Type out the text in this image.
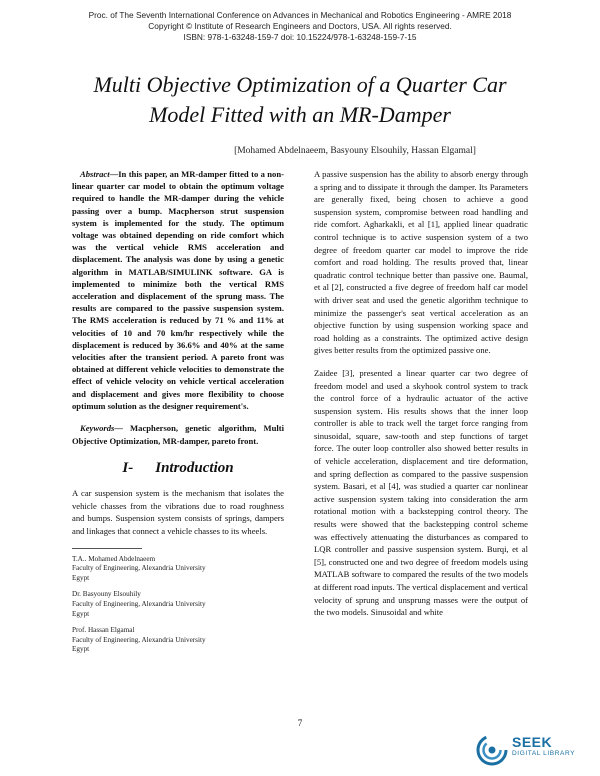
Proc. of The Seventh International Conference on Advances in Mechanical and Robotics Engineering - AMRE 2018
Copyright © Institute of Research Engineers and Doctors, USA. All rights reserved.
ISBN: 978-1-63248-159-7 doi: 10.15224/978-1-63248-159-7-15
Multi Objective Optimization of a Quarter Car
Model Fitted with an MR-Damper
[Mohamed Abdelnaeem, Basyouny Elsouhily, Hassan Elgamal]

Abstract—In this paper, an MR-damper fitted to a non-linear quarter car model to obtain the optimum voltage required to handle the MR-damper during the vehicle passing over a bump. Macpherson strut suspension system is implemented for the study. The optimum voltage was obtained depending on ride comfort which was the vertical vehicle RMS acceleration and displacement. The analysis was done by using a genetic algorithm in MATLAB/SIMULINK software. GA is implemented to minimize both the vertical RMS acceleration and displacement of the sprung mass. The results are compared to the passive suspension system. The RMS acceleration is reduced by 71 % and 11% at velocities of 10 and 70 km/hr respectively while the displacement is reduced by 36.6% and 40% at the same velocities after the transient period. A pareto front was obtained at different vehicle velocities to demonstrate the effect of vehicle velocity on vehicle vertical acceleration and displacement and gives more flexibility to choose optimum solution as the designer requirement's.

Keywords— Macpherson, genetic algorithm, Multi Objective Optimization, MR-damper, pareto front.

I- Introduction

A car suspension system is the mechanism that isolates the vehicle chasses from the vibrations due to road roughness and bumps. Suspension system consists of springs, dampers and linkages that connect a vehicle chasses to its wheels.

T.A.. Mohamed Abdelnaeem
Faculty of Engineering, Alexandria University
Egypt
Dr. Basyouny Elsouhily
Faculty of Engineering, Alexandria University
Egypt
Prof. Hassan Elgamal
Faculty of Engineering, Alexandria University
Egypt

A passive suspension has the ability to absorb energy through a spring and to dissipate it through the damper. Its Parameters are generally fixed, being chosen to achieve a good suspension system, compromise between road handling and ride comfort. Agharkakli, et al [1], applied linear quadratic control technique is to active suspension system of a two degree of freedom quarter car model to improve the ride comfort and road holding. The results proved that, linear quadratic control technique better than passive one. Baumal, et al [2], constructed a five degree of freedom half car model with driver seat and used the genetic algorithm technique to minimize the passenger's seat vertical acceleration as an objective function by using suspension working space and road holding as a constraints. The optimized active design gives better results from the optimized passive one.

Zaidee [3], presented a linear quarter car two degree of freedom model and used a skyhook control system to track the control force of a hydraulic actuator of the active suspension system. His results shows that the inner loop controller is able to track well the target force ranging from sinusoidal, square, saw-tooth and step functions of target force. The outer loop controller also showed better results in of vehicle acceleration, displacement and tire deformation, and spring deflection as compared to the passive suspension system. Basari, et al [4], was studied a quarter car nonlinear active suspension system taking into consideration the arm rotational motion with a backstepping control theory. The results were showed that the backstepping control scheme was effectively attenuating the disturbances as compared to LQR controller and passive suspension system. Burqi, et al [5], constructed one and two degree of freedom models using MATLAB software to compared the results of the two models at different road inputs. The vertical displacement and vertical velocity of sprung and unsprung masses were the output of the two models. Sinusoidal and white

7
SEEK
DIGITAL LIBRARY
